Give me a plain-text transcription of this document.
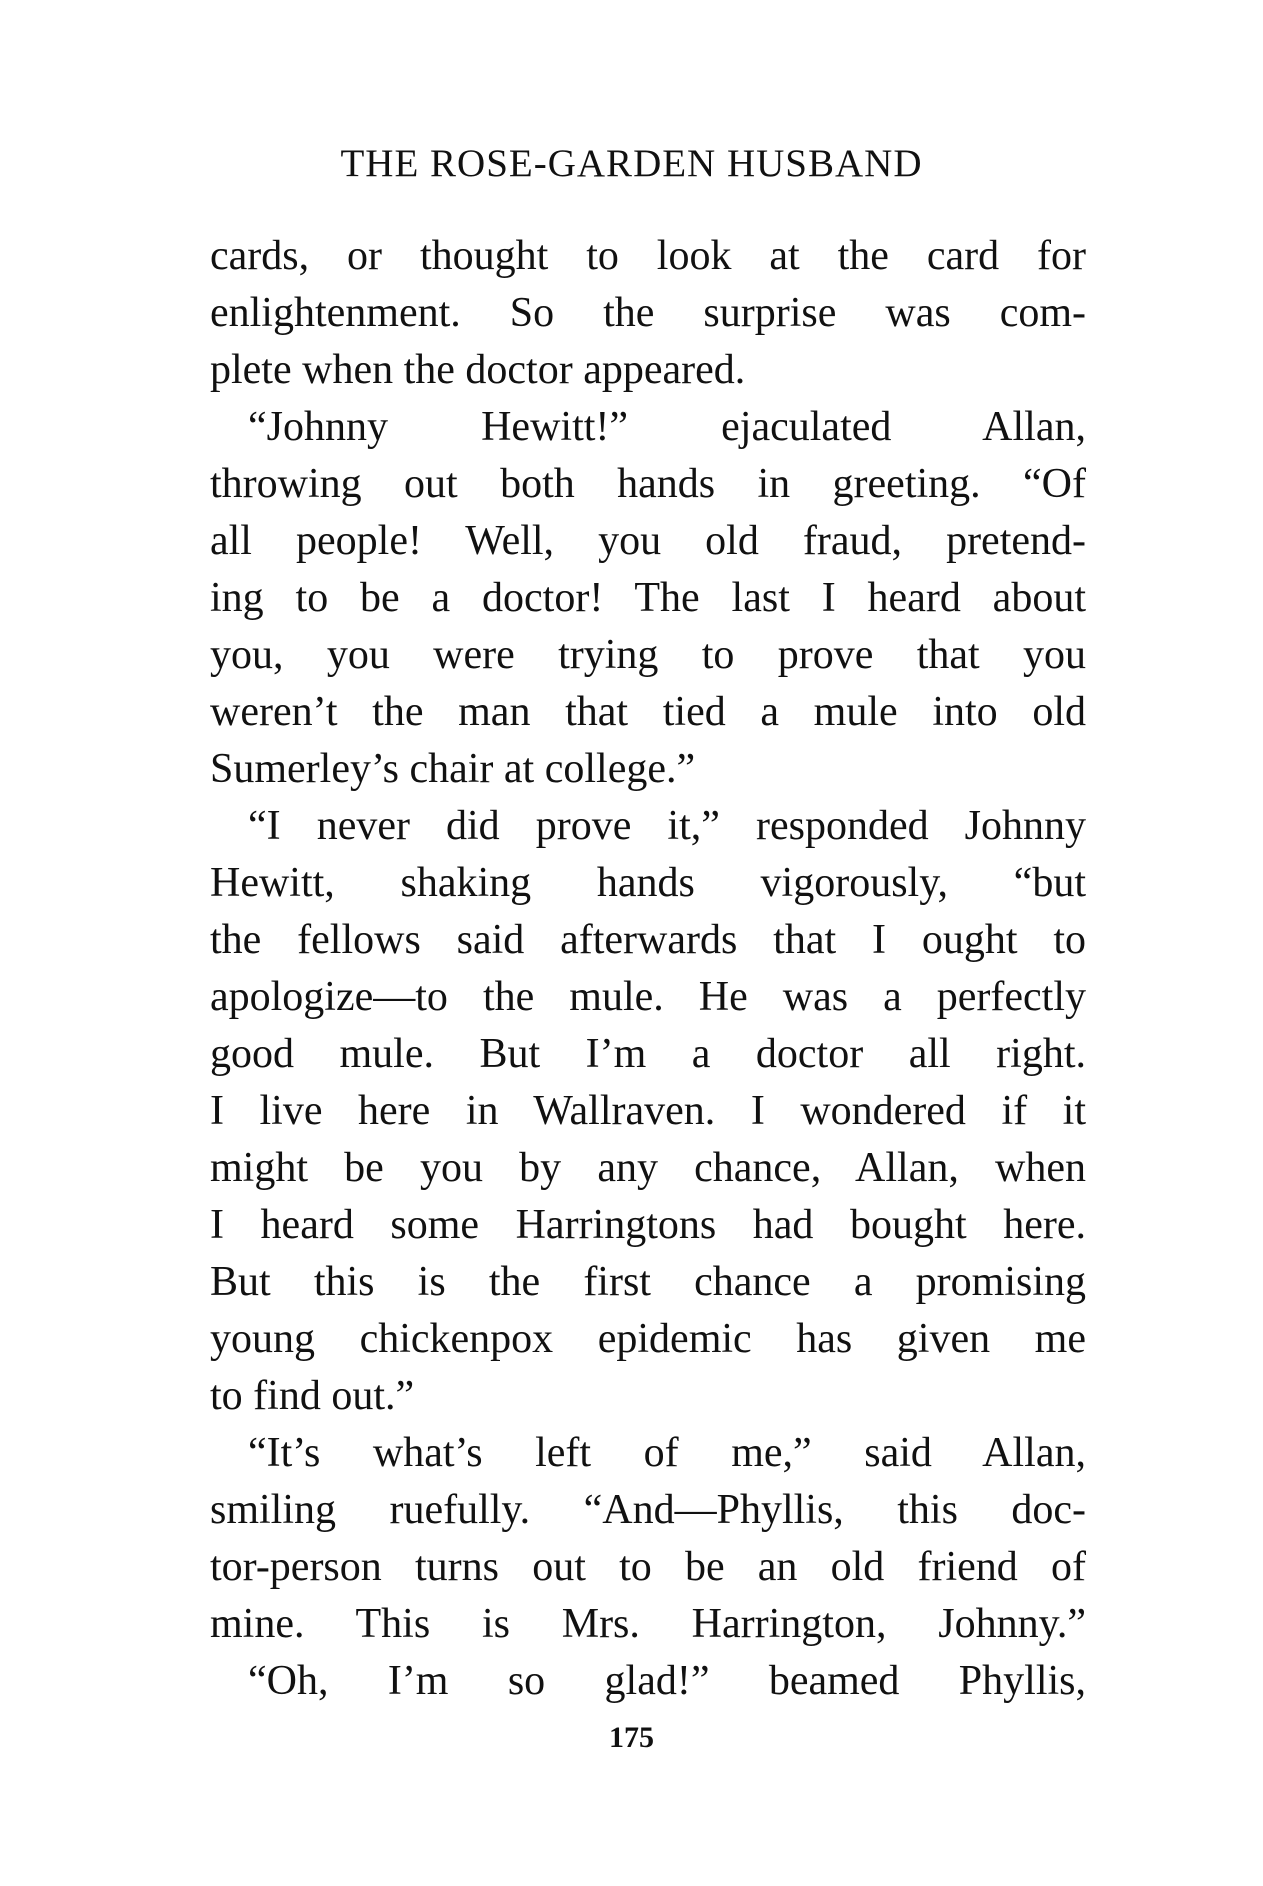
THE ROSE-GARDEN HUSBAND
cards, or thought to look at the card for
enlightenment. So the surprise was com-
plete when the doctor appeared.
“Johnny Hewitt!” ejaculated Allan,
throwing out both hands in greeting. “Of
all people! Well, you old fraud, pretend-
ing to be a doctor! The last I heard about
you, you were trying to prove that you
weren’t the man that tied a mule into old
Sumerley’s chair at college.”
“I never did prove it,” responded Johnny
Hewitt, shaking hands vigorously, “but
the fellows said afterwards that I ought to
apologize—to the mule. He was a perfectly
good mule. But I’m a doctor all right.
I live here in Wallraven. I wondered if it
might be you by any chance, Allan, when
I heard some Harringtons had bought here.
But this is the first chance a promising
young chickenpox epidemic has given me
to find out.”
“It’s what’s left of me,” said Allan,
smiling ruefully. “And—Phyllis, this doc-
tor-person turns out to be an old friend of
mine. This is Mrs. Harrington, Johnny.”
“Oh, I’m so glad!” beamed Phyllis,
175
